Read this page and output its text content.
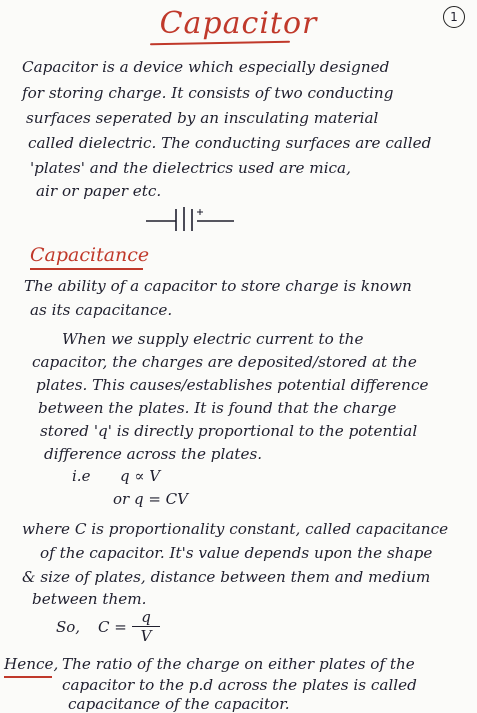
Capacitor	1
Capacitor is a device which especially designed
for storing charge. It consists of two conducting
surfaces seperated by an insculating material
called dielectric. The conducting surfaces are called
'plates' and the dielectrics used are mica,
air or paper etc.
Capacitance
The ability of a capacitor to store charge is known
as its capacitance.
When we supply electric current to the
capacitor, the charges are deposited/stored at the
plates. This causes/establishes potential difference
between the plates. It is found that the charge
stored 'q' is directly proportional to the potential
difference across the plates.
i.e q ∝ V
or q = CV
where C is proportionality constant, called capacitance
of the capacitor. It's value depends upon the shape
& size of plates, distance between them and medium
between them.
So, $C = \frac{q}{V}$
Hence, The ratio of the charge on either plates of the
capacitor to the p.d across the plates is called
capacitance of the capacitor.
